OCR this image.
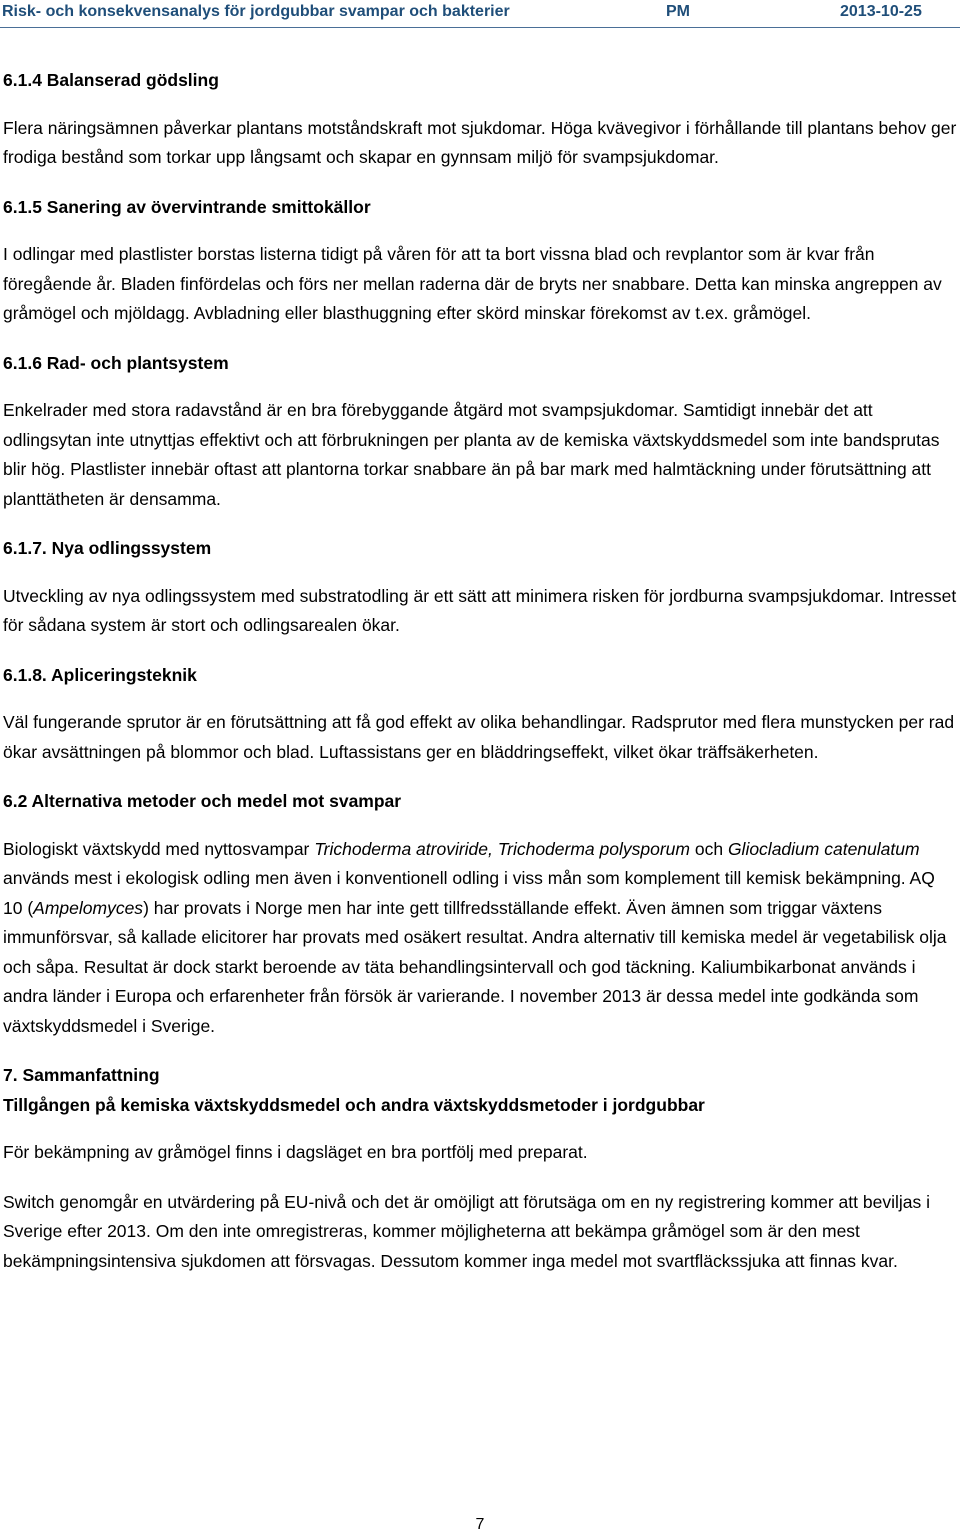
Risk- och konsekvensanalys för jordgubbar svampar och bakterier	PM	2013-10-25
6.1.4 Balanserad gödsling

Flera näringsämnen påverkar plantans motståndskraft mot sjukdomar. Höga kvävegivor i förhållande till plantans behov ger frodiga bestånd som torkar upp långsamt och skapar en gynnsam miljö för svampsjukdomar.

6.1.5 Sanering av övervintrande smittokällor

I odlingar med plastlister borstas listerna tidigt på våren för att ta bort vissna blad och revplantor som är kvar från föregående år. Bladen finfördelas och förs ner mellan raderna där de bryts ner snabbare. Detta kan minska angreppen av gråmögel och mjöldagg. Avbladning eller blasthuggning efter skörd minskar förekomst av t.ex. gråmögel.

6.1.6 Rad- och plantsystem

Enkelrader med stora radavstånd är en bra förebyggande åtgärd mot svampsjukdomar. Samtidigt innebär det att odlingsytan inte utnyttjas effektivt och att förbrukningen per planta av de kemiska växtskyddsmedel som inte bandsprutas blir hög. Plastlister innebär oftast att plantorna torkar snabbare än på bar mark med halmtäckning under förutsättning att planttätheten är densamma.

6.1.7. Nya odlingssystem

Utveckling av nya odlingssystem med substratodling är ett sätt att minimera risken för jordburna svampsjukdomar. Intresset för sådana system är stort och odlingsarealen ökar.

6.1.8. Apliceringsteknik

Väl fungerande sprutor är en förutsättning att få god effekt av olika behandlingar. Radsprutor med flera munstycken per rad ökar avsättningen på blommor och blad. Luftassistans ger en bläddringseffekt, vilket ökar träffsäkerheten.

6.2 Alternativa metoder och medel mot svampar

Biologiskt växtskydd med nyttosvampar Trichoderma atroviride, Trichoderma polysporum och Gliocladium catenulatum används mest i ekologisk odling men även i konventionell odling i viss mån som komplement till kemisk bekämpning. AQ 10 (Ampelomyces) har provats i Norge men har inte gett tillfredsställande effekt. Även ämnen som triggar växtens immunförsvar, så kallade elicitorer har provats med osäkert resultat. Andra alternativ till kemiska medel är vegetabilisk olja och såpa. Resultat är dock starkt beroende av täta behandlingsintervall och god täckning. Kaliumbikarbonat används i andra länder i Europa och erfarenheter från försök är varierande. I november 2013 är dessa medel inte godkända som växtskyddsmedel i Sverige.

7. Sammanfattning
Tillgången på kemiska växtskyddsmedel och andra växtskyddsmetoder i jordgubbar

För bekämpning av gråmögel finns i dagsläget en bra portfölj med preparat.

Switch genomgår en utvärdering på EU-nivå och det är omöjligt att förutsäga om en ny registrering kommer att beviljas i Sverige efter 2013. Om den inte omregistreras, kommer möjligheterna att bekämpa gråmögel som är den mest bekämpningsintensiva sjukdomen att försvagas. Dessutom kommer inga medel mot svartfläckssjuka att finnas kvar.

7
